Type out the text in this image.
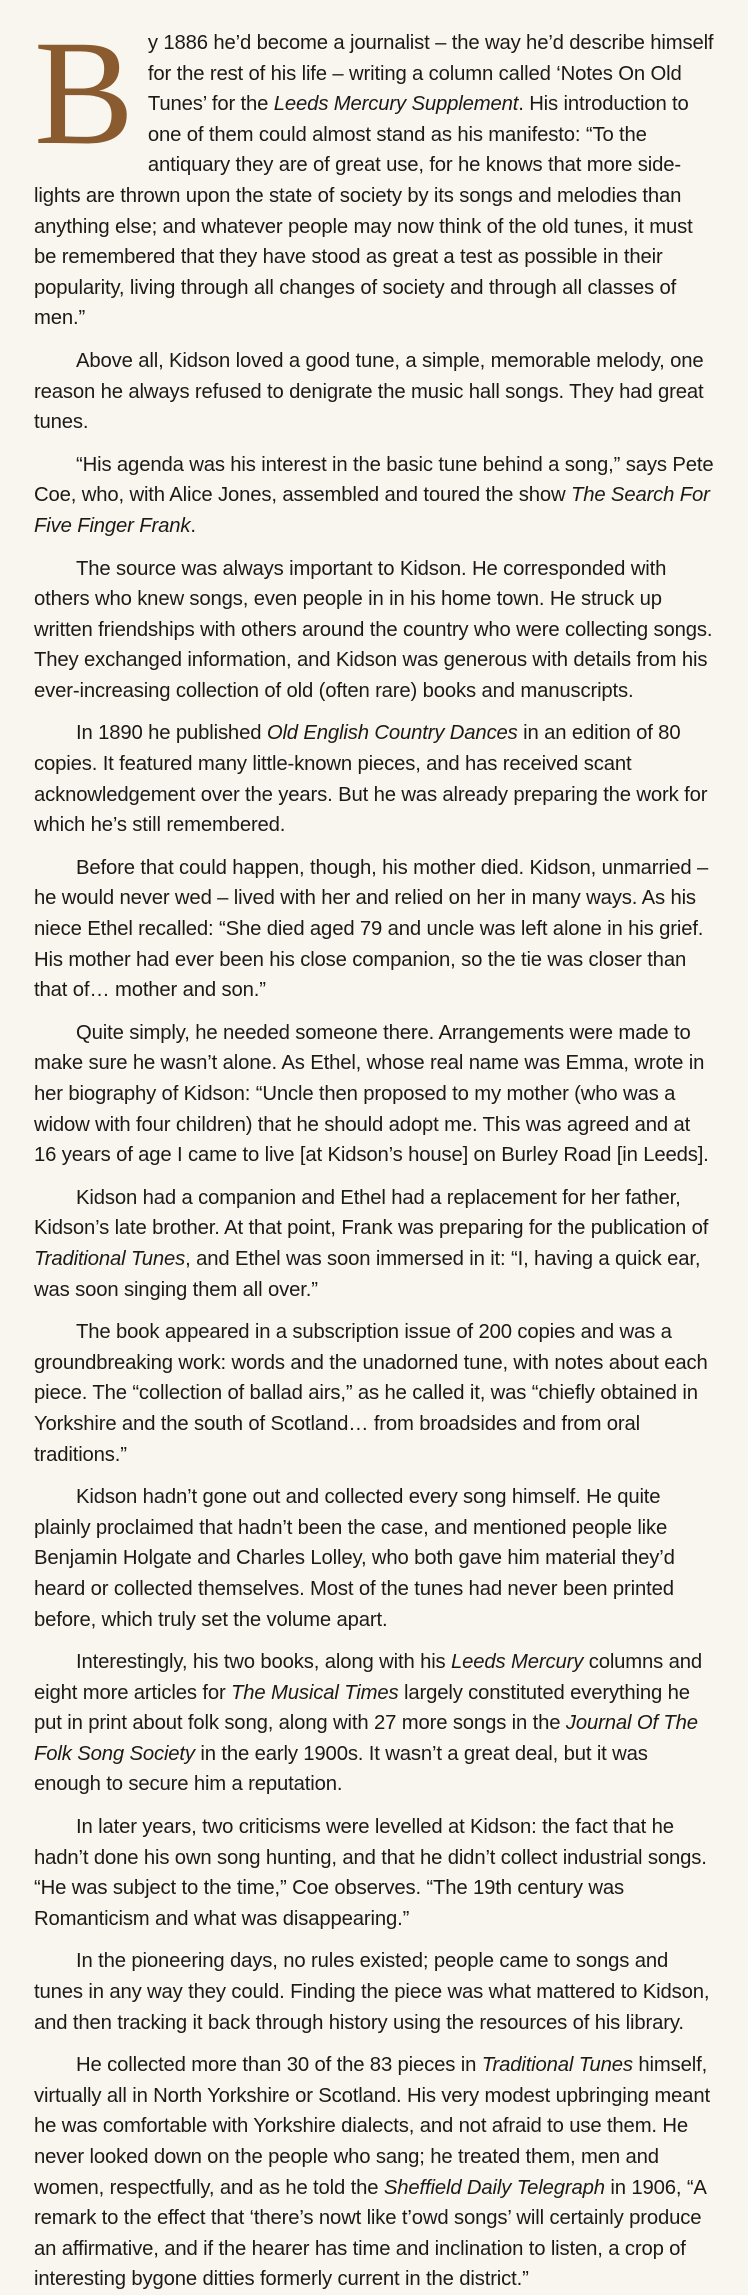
By 1886 he’d become a journalist – the way he’d describe himself for the rest of his life – writing a column called ‘Notes On Old Tunes’ for the Leeds Mercury Supplement. His introduction to one of them could almost stand as his manifesto: “To the antiquary they are of great use, for he knows that more side-lights are thrown upon the state of society by its songs and melodies than anything else; and whatever people may now think of the old tunes, it must be remembered that they have stood as great a test as possible in their popularity, living through all changes of society and through all classes of men.”

Above all, Kidson loved a good tune, a simple, memorable melody, one reason he always refused to denigrate the music hall songs. They had great tunes.

“His agenda was his interest in the basic tune behind a song,” says Pete Coe, who, with Alice Jones, assembled and toured the show The Search For Five Finger Frank.

The source was always important to Kidson. He corresponded with others who knew songs, even people in in his home town. He struck up written friendships with others around the country who were collecting songs. They exchanged information, and Kidson was generous with details from his ever-increasing collection of old (often rare) books and manuscripts.

In 1890 he published Old English Country Dances in an edition of 80 copies. It featured many little-known pieces, and has received scant acknowledgement over the years. But he was already preparing the work for which he’s still remembered.

Before that could happen, though, his mother died. Kidson, unmarried – he would never wed – lived with her and relied on her in many ways. As his niece Ethel recalled: “She died aged 79 and uncle was left alone in his grief. His mother had ever been his close companion, so the tie was closer than that of… mother and son.”

Quite simply, he needed someone there. Arrangements were made to make sure he wasn’t alone. As Ethel, whose real name was Emma, wrote in her biography of Kidson: “Uncle then proposed to my mother (who was a widow with four children) that he should adopt me. This was agreed and at 16 years of age I came to live [at Kidson’s house] on Burley Road [in Leeds].

Kidson had a companion and Ethel had a replacement for her father, Kidson’s late brother. At that point, Frank was preparing for the publication of Traditional Tunes, and Ethel was soon immersed in it: “I, having a quick ear, was soon singing them all over.”

The book appeared in a subscription issue of 200 copies and was a groundbreaking work: words and the unadorned tune, with notes about each piece. The “collection of ballad airs,” as he called it, was “chiefly obtained in Yorkshire and the south of Scotland… from broadsides and from oral traditions.”

Kidson hadn’t gone out and collected every song himself. He quite plainly proclaimed that hadn’t been the case, and mentioned people like Benjamin Holgate and Charles Lolley, who both gave him material they’d heard or collected themselves. Most of the tunes had never been printed before, which truly set the volume apart.

Interestingly, his two books, along with his Leeds Mercury columns and eight more articles for The Musical Times largely constituted everything he put in print about folk song, along with 27 more songs in the Journal Of The Folk Song Society in the early 1900s. It wasn’t a great deal, but it was enough to secure him a reputation.

In later years, two criticisms were levelled at Kidson: the fact that he hadn’t done his own song hunting, and that he didn’t collect industrial songs. “He was subject to the time,” Coe observes. “The 19th century was Romanticism and what was disappearing.”

In the pioneering days, no rules existed; people came to songs and tunes in any way they could. Finding the piece was what mattered to Kidson, and then tracking it back through history using the resources of his library.

He collected more than 30 of the 83 pieces in Traditional Tunes himself, virtually all in North Yorkshire or Scotland. His very modest upbringing meant he was comfortable with Yorkshire dialects, and not afraid to use them. He never looked down on the people who sang; he treated them, men and women, respectfully, and as he told the Sheffield Daily Telegraph in 1906, “A remark to the effect that ‘there’s nowt like t’owd songs’ will certainly produce an affirmative, and if the hearer has time and inclination to listen, a crop of interesting bygone ditties formerly current in the district.”
